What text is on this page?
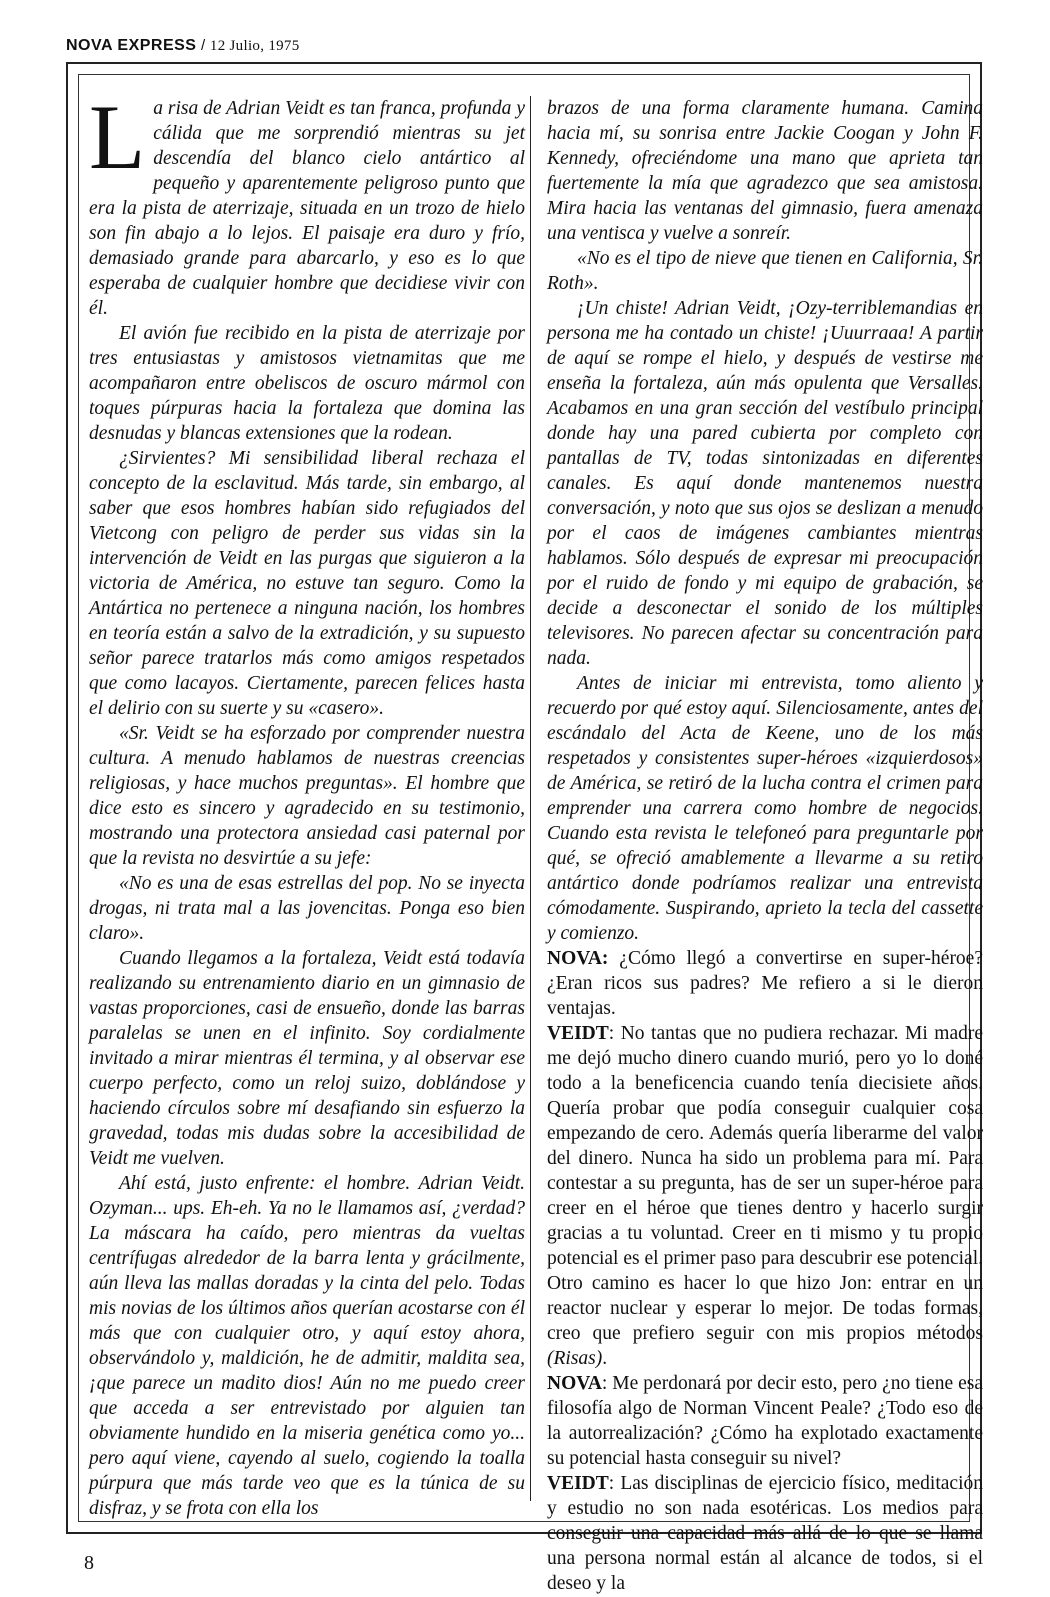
NOVA EXPRESS / 12 Julio, 1975

La risa de Adrian Veidt es tan franca, profunda y cálida que me sorprendió mientras su jet descendía del blanco cielo antártico al pequeño y aparentemente peligroso punto que era la pista de aterrizaje, situada en un trozo de hielo son fin abajo a lo lejos. El paisaje era duro y frío, demasiado grande para abarcarlo, y eso es lo que esperaba de cualquier hombre que decidiese vivir con él.

El avión fue recibido en la pista de aterrizaje por tres entusiastas y amistosos vietnamitas que me acompañaron entre obeliscos de oscuro mármol con toques púrpuras hacia la fortaleza que domina las desnudas y blancas extensiones que la rodean.

¿Sirvientes? Mi sensibilidad liberal rechaza el concepto de la esclavitud. Más tarde, sin embargo, al saber que esos hombres habían sido refugiados del Vietcong con peligro de perder sus vidas sin la intervención de Veidt en las purgas que siguieron a la victoria de América, no estuve tan seguro. Como la Antártica no pertenece a ninguna nación, los hombres en teoría están a salvo de la extradición, y su supuesto señor parece tratarlos más como amigos respetados que como lacayos. Ciertamente, parecen felices hasta el delirio con su suerte y su «casero».

«Sr. Veidt se ha esforzado por comprender nuestra cultura. A menudo hablamos de nuestras creencias religiosas, y hace muchos preguntas». El hombre que dice esto es sincero y agradecido en su testimonio, mostrando una protectora ansiedad casi paternal por que la revista no desvirtúe a su jefe:

«No es una de esas estrellas del pop. No se inyecta drogas, ni trata mal a las jovencitas. Ponga eso bien claro».

Cuando llegamos a la fortaleza, Veidt está todavía realizando su entrenamiento diario en un gimnasio de vastas proporciones, casi de ensueño, donde las barras paralelas se unen en el infinito. Soy cordialmente invitado a mirar mientras él termina, y al observar ese cuerpo perfecto, como un reloj suizo, doblándose y haciendo círculos sobre mí desafiando sin esfuerzo la gravedad, todas mis dudas sobre la accesibilidad de Veidt me vuelven.

Ahí está, justo enfrente: el hombre. Adrian Veidt. Ozyman... ups. Eh-eh. Ya no le llamamos así, ¿verdad? La máscara ha caído, pero mientras da vueltas centrífugas alrededor de la barra lenta y grácilmente, aún lleva las mallas doradas y la cinta del pelo. Todas mis novias de los últimos años querían acostarse con él más que con cualquier otro, y aquí estoy ahora, observándolo y, maldición, he de admitir, maldita sea, ¡que parece un madito dios! Aún no me puedo creer que acceda a ser entrevistado por alguien tan obviamente hundido en la miseria genética como yo... pero aquí viene, cayendo al suelo, cogiendo la toalla púrpura que más tarde veo que es la túnica de su disfraz, y se frota con ella los

brazos de una forma claramente humana. Camina hacia mí, su sonrisa entre Jackie Coogan y John F. Kennedy, ofreciéndome una mano que aprieta tan fuertemente la mía que agradezco que sea amistosa. Mira hacia las ventanas del gimnasio, fuera amenaza una ventisca y vuelve a sonreír.

«No es el tipo de nieve que tienen en California, Sr. Roth».

¡Un chiste! Adrian Veidt, ¡Ozy-terriblemandias en persona me ha contado un chiste! ¡Uuurraaa! A partir de aquí se rompe el hielo, y después de vestirse me enseña la fortaleza, aún más opulenta que Versalles. Acabamos en una gran sección del vestíbulo principal donde hay una pared cubierta por completo con pantallas de TV, todas sintonizadas en diferentes canales. Es aquí donde mantenemos nuestra conversación, y noto que sus ojos se deslizan a menudo por el caos de imágenes cambiantes mientras hablamos. Sólo después de expresar mi preocupación por el ruido de fondo y mi equipo de grabación, se decide a desconectar el sonido de los múltiples televisores. No parecen afectar su concentración para nada.

Antes de iniciar mi entrevista, tomo aliento y recuerdo por qué estoy aquí. Silenciosamente, antes del escándalo del Acta de Keene, uno de los más respetados y consistentes super-héroes «izquierdosos» de América, se retiró de la lucha contra el crimen para emprender una carrera como hombre de negocios. Cuando esta revista le telefoneó para preguntarle por qué, se ofreció amablemente a llevarme a su retiro antártico donde podríamos realizar una entrevista cómodamente. Suspirando, aprieto la tecla del cassette y comienzo.

NOVA: ¿Cómo llegó a convertirse en super-héroe? ¿Eran ricos sus padres? Me refiero a si le dieron ventajas.

VEIDT: No tantas que no pudiera rechazar. Mi madre me dejó mucho dinero cuando murió, pero yo lo doné todo a la beneficencia cuando tenía diecisiete años. Quería probar que podía conseguir cualquier cosa empezando de cero. Además quería liberarme del valor del dinero. Nunca ha sido un problema para mí. Para contestar a su pregunta, has de ser un super-héroe para creer en el héroe que tienes dentro y hacerlo surgir gracias a tu voluntad. Creer en ti mismo y tu propio potencial es el primer paso para descubrir ese potencial. Otro camino es hacer lo que hizo Jon: entrar en un reactor nuclear y esperar lo mejor. De todas formas, creo que prefiero seguir con mis propios métodos (Risas).

NOVA: Me perdonará por decir esto, pero ¿no tiene esa filosofía algo de Norman Vincent Peale? ¿Todo eso de la autorrealización? ¿Cómo ha explotado exactamente su potencial hasta conseguir su nivel?

VEIDT: Las disciplinas de ejercicio físico, meditación y estudio no son nada esotéricas. Los medios para conseguir una capacidad más allá de lo que se llama una persona normal están al alcance de todos, si el deseo y la

8
